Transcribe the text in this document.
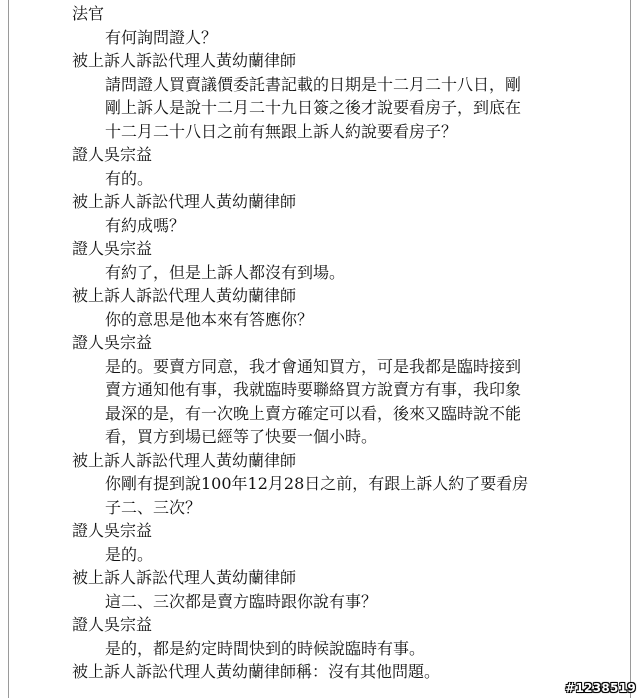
法官
有何詢問證人？
被上訴人訴訟代理人黃幼蘭律師
請問證人買賣議價委託書記載的日期是十二月二十八日，剛
剛上訴人是說十二月二十九日簽之後才說要看房子，到底在
十二月二十八日之前有無跟上訴人約說要看房子？
證人吳宗益
有的。
被上訴人訴訟代理人黃幼蘭律師
有約成嗎？
證人吳宗益
有約了，但是上訴人都沒有到場。
被上訴人訴訟代理人黃幼蘭律師
你的意思是他本來有答應你？
證人吳宗益
是的。要賣方同意，我才會通知買方，可是我都是臨時接到
賣方通知他有事，我就臨時要聯絡買方說賣方有事，我印象
最深的是，有一次晚上賣方確定可以看，後來又臨時說不能
看，買方到場已經等了快要一個小時。
被上訴人訴訟代理人黃幼蘭律師
你剛有提到說100年12月28日之前，有跟上訴人約了要看房
子二、三次？
證人吳宗益
是的。
被上訴人訴訟代理人黃幼蘭律師
這二、三次都是賣方臨時跟你說有事？
證人吳宗益
是的，都是約定時間快到的時候說臨時有事。
被上訴人訴訟代理人黃幼蘭律師稱：沒有其他問題。
#1238519
